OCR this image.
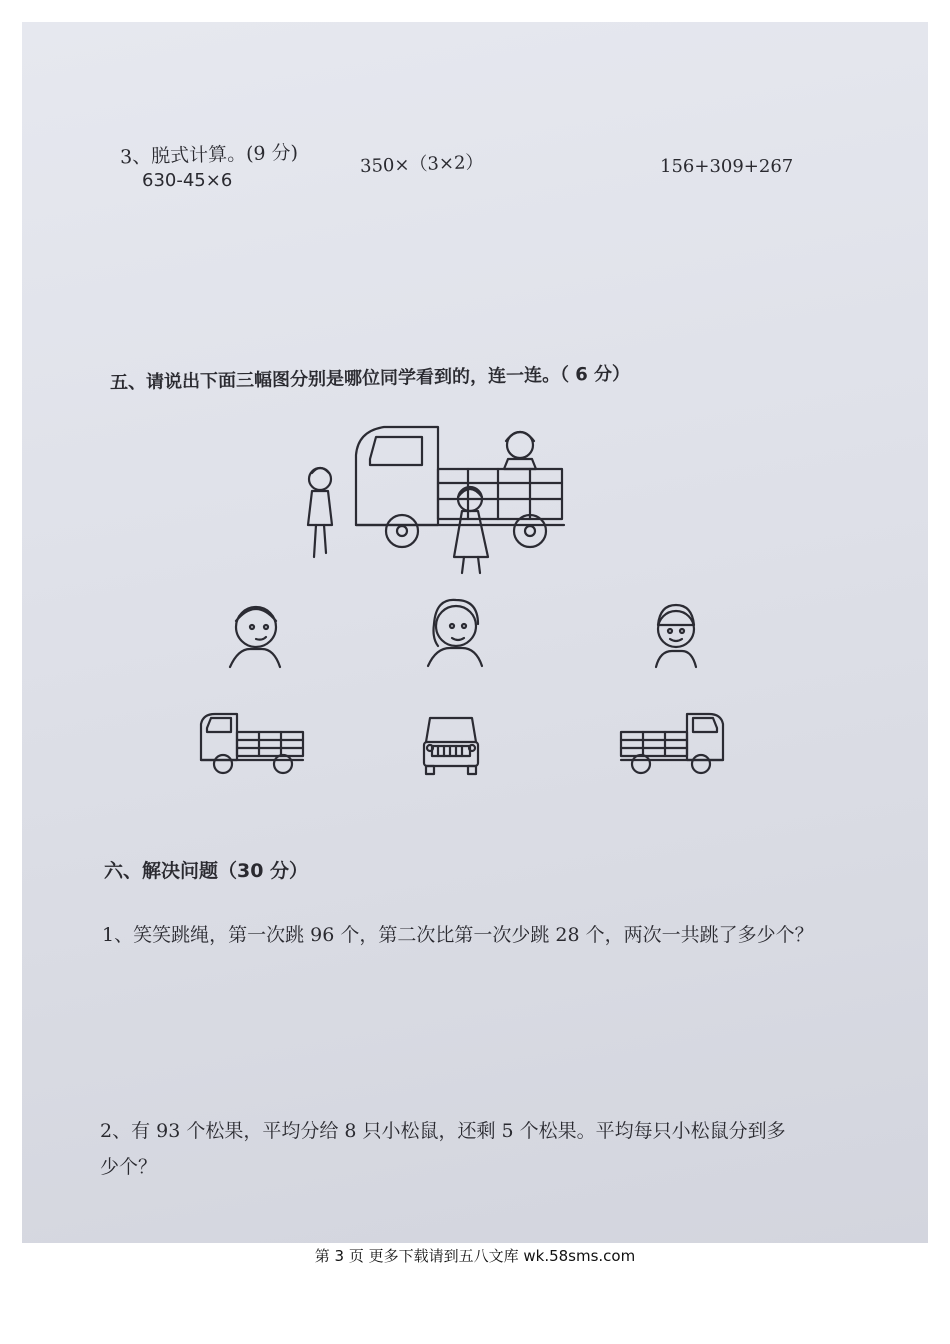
3、脱式计算。(9 分)
630-45×6
350×（3×2）	156+309+267
五、请说出下面三幅图分别是哪位同学看到的，连一连。（ 6 分）
六、解决问题（30 分）
1、笑笑跳绳，第一次跳 96 个，第二次比第一次少跳 28 个，两次一共跳了多少个？
2、有 93 个松果，平均分给 8 只小松鼠，还剩 5 个松果。平均每只小松鼠分到多
少个？
第 3 页 更多下载请到五八文库 wk.58sms.com
